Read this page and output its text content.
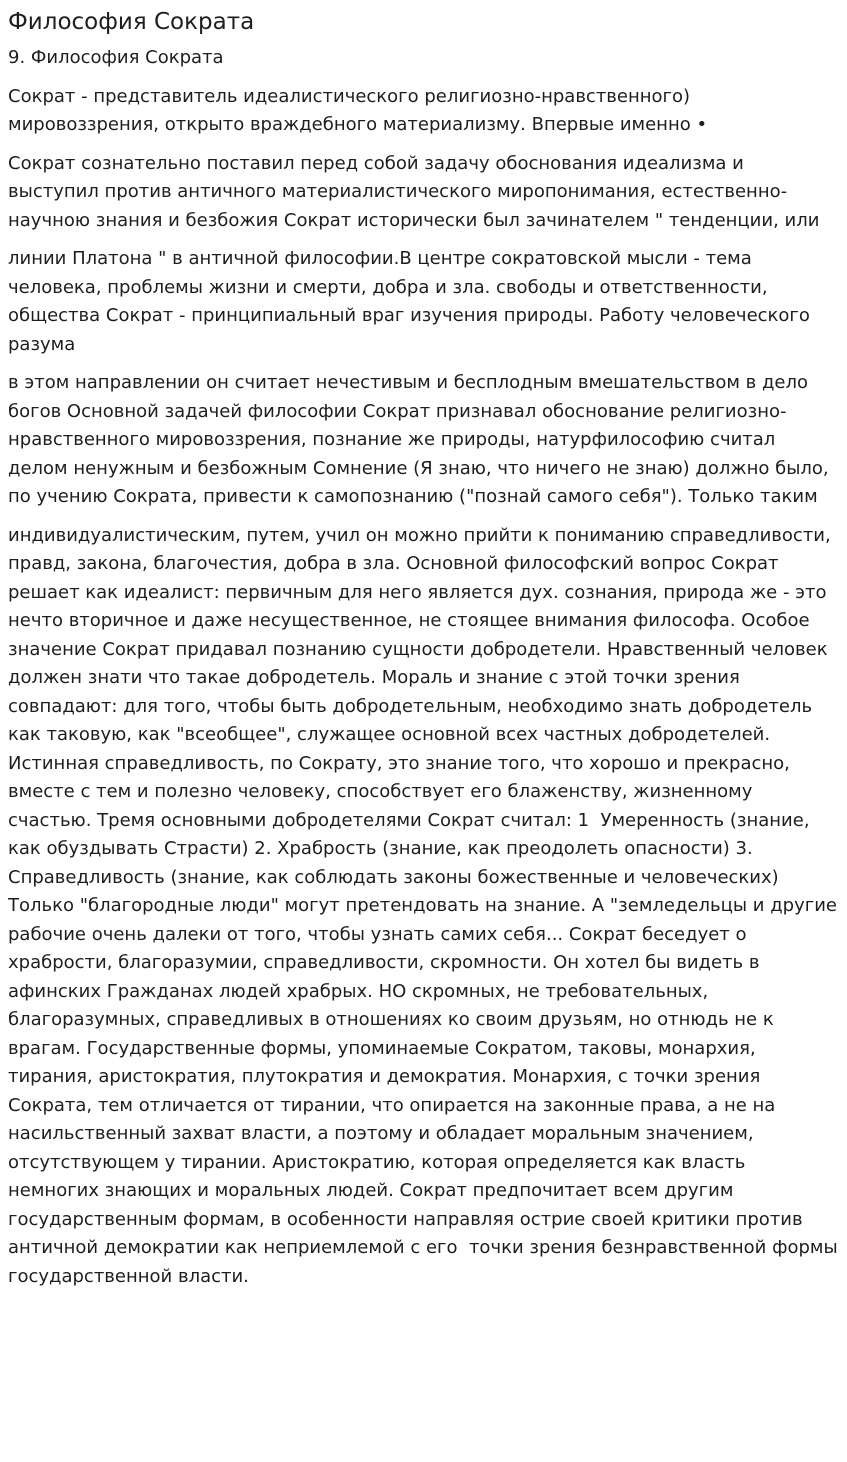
Философия Сократа
9. Философия Сократа

Сократ - представитель идеалистического религиозно-нравственного) мировоззрения, открыто враждебного материализму. Впервые именно •

Сократ сознательно поставил перед собой задачу обоснования идеализма и выступил против античного материалистического миропонимания, естественно-научною знания и безбожия Сократ исторически был зачинателем " тенденции, или

линии Платона " в античной философии.В центре сократовской мысли - тема человека, проблемы жизни и смерти, добра и зла. свободы и ответственности, общества Сократ - принципиальный враг изучения природы. Работу человеческого разума

в этом направлении он считает нечестивым и бесплодным вмешательством в дело богов Основной задачей философии Сократ признавал обоснование религиозно-нравственного мировоззрения, познание же природы, натурфилософию считал делом ненужным и безбожным Сомнение (Я знаю, что ничего не знаю) должно было, по учению Сократа, привести к самопознанию ("познай самого себя"). Только таким

индивидуалистическим, путем, учил он можно прийти к пониманию справедливости, правд, закона, благочестия, добра в зла. Основной философский вопрос Сократ решает как идеалист: первичным для него является дух. сознания, природа же - это нечто вторичное и даже несущественное, не стоящее внимания философа. Особое значение Сократ придавал познанию сущности добродетели. Нравственный человек должен знати что такае добродетель. Мораль и знание с этой точки зрения совпадают: для того, чтобы быть добродетельным, необходимо знать добродетель как таковую, как "всеобщее", служащее основной всех частных добродетелей. Истинная справедливость, по Сократу, это знание того, что хорошо и прекрасно, вместе с тем и полезно человеку, способствует его блаженству, жизненному счастью. Тремя основными добродетелями Сократ считал: 1  Умеренность (знание, как обуздывать Страсти) 2. Храбрость (знание, как преодолеть опасности) 3. Справедливость (знание, как соблюдать законы божественные и человеческих) Только "благородные люди" могут претендовать на знание. А "земледельцы и другие рабочие очень далеки от того, чтобы узнать самих себя... Сократ беседует о храбрости, благоразумии, справедливости, скромности. Он хотел бы видеть в афинских Гражданах людей храбрых. НО скромных, не требовательных, благоразумных, справедливых в отношениях ко своим друзьям, но отнюдь не к врагам. Государственные формы, упоминаемые Сократом, таковы, монархия, тирания, аристократия, плутократия и демократия. Монархия, с точки зрения Сократа, тем отличается от тирании, что опирается на законные права, а не на насильственный захват власти, а поэтому и обладает моральным значением, отсутствующем у тирании. Аристократию, которая определяется как власть немногих знающих и моральных людей. Сократ предпочитает всем другим государственным формам, в особенности направляя острие своей критики против античной демократии как неприемлемой с его  точки зрения безнравственной формы государственной власти.
